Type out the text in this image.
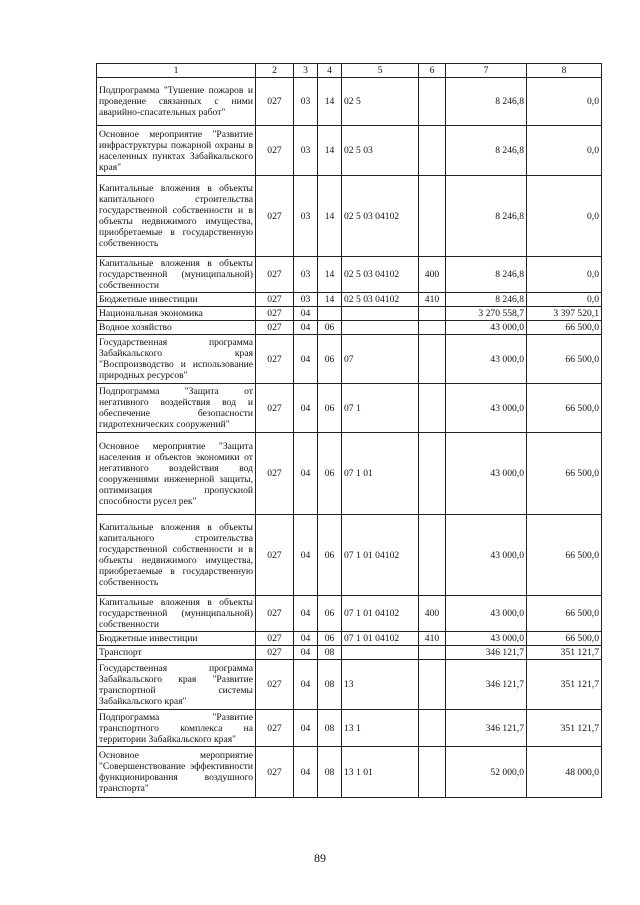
1	2	3	4	5	6	7	8
Подпрограмма "Тушение пожаров и проведение связанных с ними аварийно-спасательных работ"	027	03	14	02 5		8 246,8	0,0
Основное мероприятие "Развитие инфраструктуры пожарной охраны в населенных пунктах Забайкальского края"	027	03	14	02 5 03		8 246,8	0,0
Капитальные вложения в объекты капитального строительства государственной собственности и в объекты недвижимого имущества, приобретаемые в государственную собственность	027	03	14	02 5 03 04102		8 246,8	0,0
Капитальные вложения в объекты государственной (муниципальной) собственности	027	03	14	02 5 03 04102	400	8 246,8	0,0
Бюджетные инвестиции	027	03	14	02 5 03 04102	410	8 246,8	0,0
Национальная экономика	027	04				3 270 558,7	3 397 520,1
Водное хозяйство	027	04	06			43 000,0	66 500,0
Государственная программа Забайкальского края "Воспроизводство и использование природных ресурсов"	027	04	06	07		43 000,0	66 500,0
Подпрограмма "Защита от негативного воздействия вод и обеспечение безопасности гидротехнических сооружений"	027	04	06	07 1		43 000,0	66 500,0
Основное мероприятие "Защита населения и объектов экономики от негативного воздействия вод сооружениями инженерной защиты, оптимизация пропускной способности русел рек"	027	04	06	07 1 01		43 000,0	66 500,0
Капитальные вложения в объекты капитального строительства государственной собственности и в объекты недвижимого имущества, приобретаемые в государственную собственность	027	04	06	07 1 01 04102		43 000,0	66 500,0
Капитальные вложения в объекты государственной (муниципальной) собственности	027	04	06	07 1 01 04102	400	43 000,0	66 500,0
Бюджетные инвестиции	027	04	06	07 1 01 04102	410	43 000,0	66 500,0
Транспорт	027	04	08			346 121,7	351 121,7
Государственная программа Забайкальского края "Развитие транспортной системы Забайкальского края"	027	04	08	13		346 121,7	351 121,7
Подпрограмма "Развитие транспортного комплекса на территории Забайкальского края"	027	04	08	13 1		346 121,7	351 121,7
Основное мероприятие "Совершенствование эффективности функционирования воздушного транспорта"	027	04	08	13 1 01		52 000,0	48 000,0
89
